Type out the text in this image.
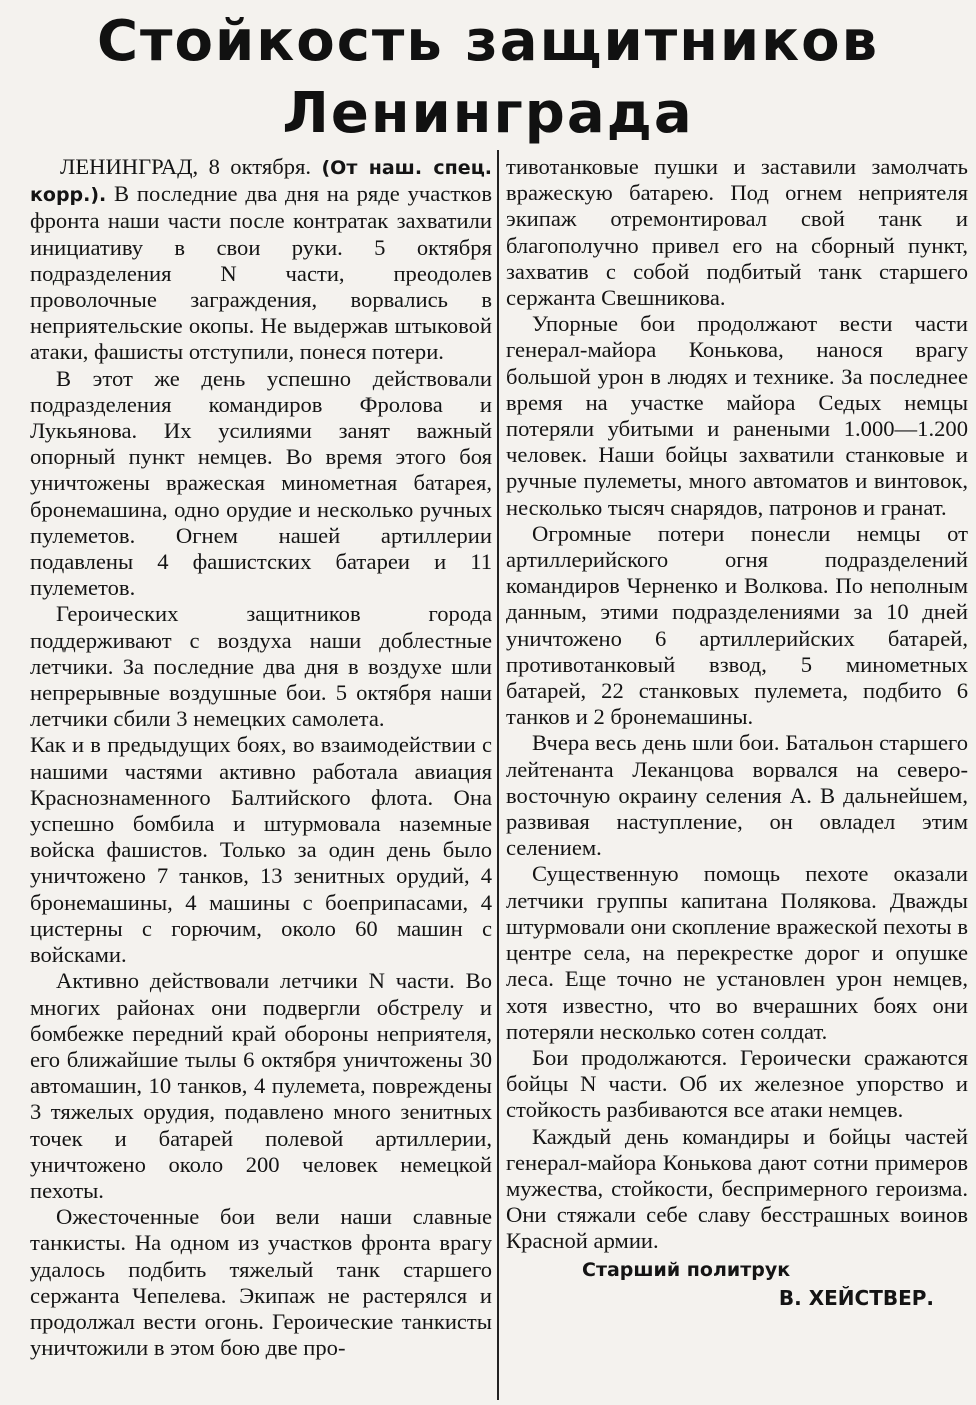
Стойкость защитников
Ленинграда

ЛЕНИНГРАД, 8 октября. (От наш. спец. корр.). В последние два дня на ряде участков фронта наши части после контратак захватили инициативу в свои руки. 5 октября подразделения N части, преодолев проволочные заграждения, ворвались в неприятельские окопы. Не выдержав штыковой атаки, фашисты отступили, понеся потери.

В этот же день успешно действовали подразделения командиров Фролова и Лукьянова. Их усилиями занят важный опорный пункт немцев. Во время этого боя уничтожены вражеская минометная батарея, бронемашина, одно орудие и несколько ручных пулеметов. Огнем нашей артиллерии подавлены 4 фашистских батареи и 11 пулеметов.

Героических защитников города поддерживают с воздуха наши доблестные летчики. За последние два дня в воздухе шли непрерывные воздушные бои. 5 октября наши летчики сбили 3 немецких самолета.

Как и в предыдущих боях, во взаимодействии с нашими частями активно работала авиация Краснознаменного Балтийского флота. Она успешно бомбила и штурмовала наземные войска фашистов. Только за один день было уничтожено 7 танков, 13 зенитных орудий, 4 бронемашины, 4 машины с боеприпасами, 4 цистерны с горючим, около 60 машин с войсками.

Активно действовали летчики N части. Во многих районах они подвергли обстрелу и бомбежке передний край обороны неприятеля, его ближайшие тылы 6 октября уничтожены 30 автомашин, 10 танков, 4 пулемета, повреждены 3 тяжелых орудия, подавлено много зенитных точек и батарей полевой артиллерии, уничтожено около 200 человек немецкой пехоты.

Ожесточенные бои вели наши славные танкисты. На одном из участков фронта врагу удалось подбить тяжелый танк старшего сержанта Чепелева. Экипаж не растерялся и продолжал вести огонь. Героические танкисты уничтожили в этом бою две про-

тивотанковые пушки и заставили замолчать вражескую батарею. Под огнем неприятеля экипаж отремонтировал свой танк и благополучно привел его на сборный пункт, захватив с собой подбитый танк старшего сержанта Свешникова.

Упорные бои продолжают вести части генерал-майора Конькова, нанося врагу большой урон в людях и технике. За последнее время на участке майора Седых немцы потеряли убитыми и ранеными 1.000—1.200 человек. Наши бойцы захватили станковые и ручные пулеметы, много автоматов и винтовок, несколько тысяч снарядов, патронов и гранат.

Огромные потери понесли немцы от артиллерийского огня подразделений командиров Черненко и Волкова. По неполным данным, этими подразделениями за 10 дней уничтожено 6 артиллерийских батарей, противотанковый взвод, 5 минометных батарей, 22 станковых пулемета, подбито 6 танков и 2 бронемашины.

Вчера весь день шли бои. Батальон старшего лейтенанта Леканцова ворвался на северо-восточную окраину селения А. В дальнейшем, развивая наступление, он овладел этим селением.

Существенную помощь пехоте оказали летчики группы капитана Полякова. Дважды штурмовали они скопление вражеской пехоты в центре села, на перекрестке дорог и опушке леса. Еще точно не установлен урон немцев, хотя известно, что во вчерашних боях они потеряли несколько сотен солдат.

Бои продолжаются. Героически сражаются бойцы N части. Об их железное упорство и стойкость разбиваются все атаки немцев.

Каждый день командиры и бойцы частей генерал-майора Конькова дают сотни примеров мужества, стойкости, беспримерного героизма. Они стяжали себе славу бесстрашных воинов Красной армии.

Старший политрук
В. ХЕЙСТВЕР.
